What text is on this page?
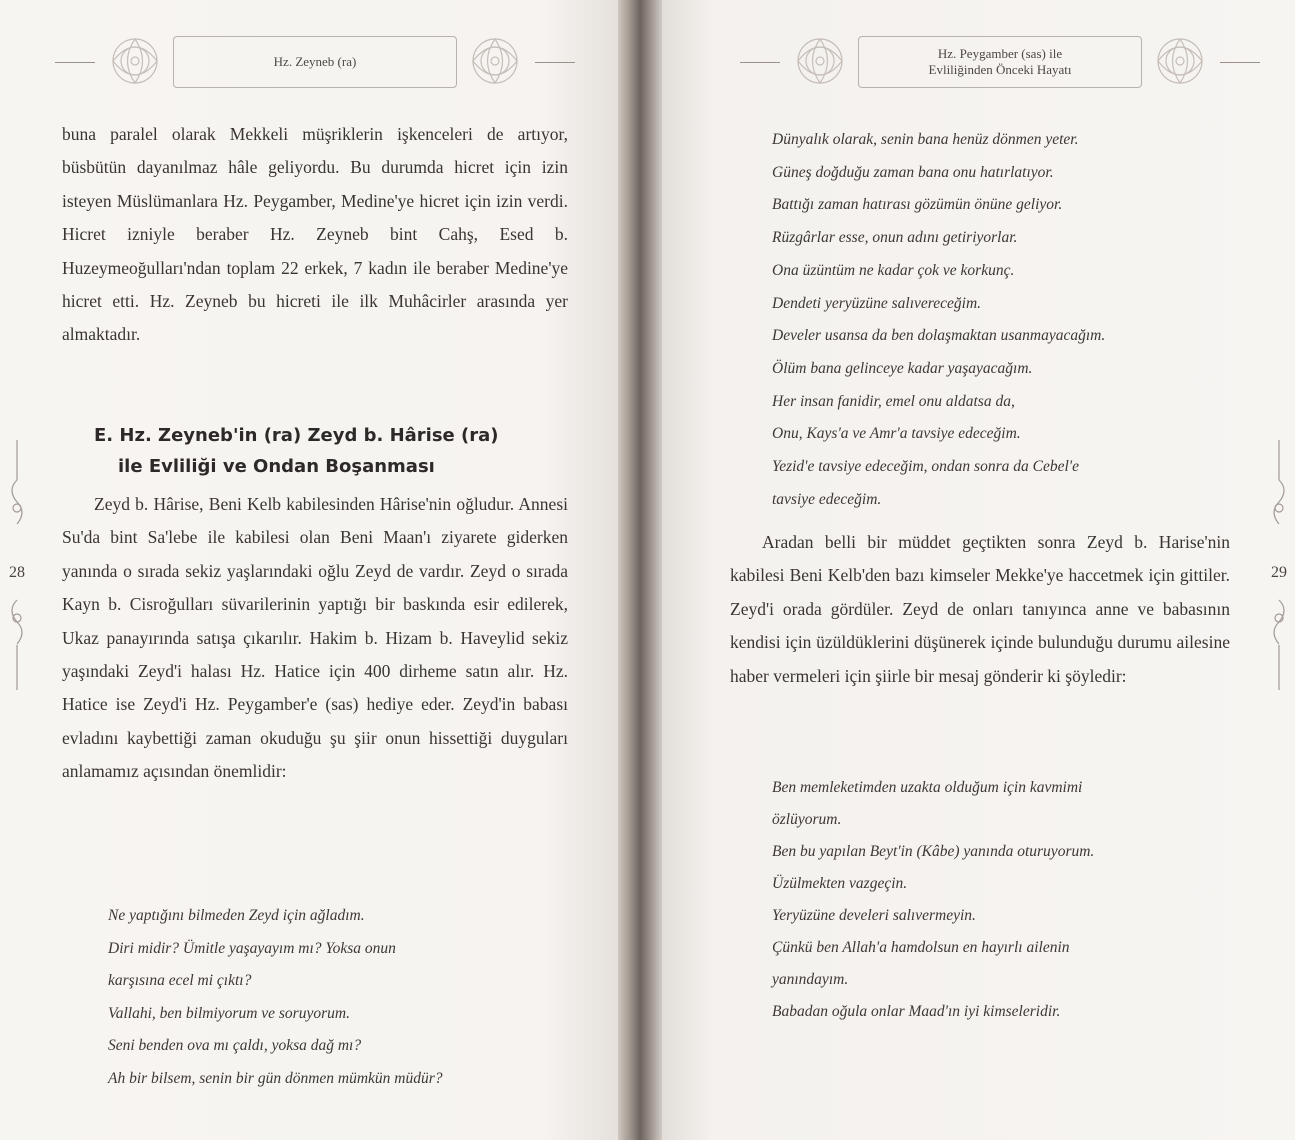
Hz. Zeyneb (ra)

buna paralel olarak Mekkeli müşriklerin işkenceleri de artıyor, büsbütün dayanılmaz hâle geliyordu. Bu durumda hicret için izin isteyen Müslümanlara Hz. Peygamber, Medine'ye hicret için izin verdi. Hicret izniyle beraber Hz. Zeyneb bint Cahş, Esed b. Huzeymeoğulları'ndan toplam 22 erkek, 7 kadın ile beraber Medine'ye hicret etti. Hz. Zeyneb bu hicreti ile ilk Muhâcirler arasında yer almaktadır.

E. Hz. Zeyneb'in (ra) Zeyd b. Hârise (ra)
ile Evliliği ve Ondan Boşanması

Zeyd b. Hârise, Beni Kelb kabilesinden Hârise'nin oğludur. Annesi Su'da bint Sa'lebe ile kabilesi olan Beni Maan'ı ziyarete giderken yanında o sırada sekiz yaşlarındaki oğlu Zeyd de vardır. Zeyd o sırada Kayn b. Cisroğulları süvarilerinin yaptığı bir baskında esir edilerek, Ukaz panayırında satışa çıkarılır. Hakim b. Hizam b. Haveylid sekiz yaşındaki Zeyd'i halası Hz. Hatice için 400 dirheme satın alır. Hz. Hatice ise Zeyd'i Hz. Peygamber'e (sas) hediye eder. Zeyd'in babası evladını kaybettiği zaman okuduğu şu şiir onun hissettiği duyguları anlamamız açısından önemlidir:

Ne yaptığını bilmeden Zeyd için ağladım.
Diri midir? Ümitle yaşayayım mı? Yoksa onun
karşısına ecel mi çıktı?
Vallahi, ben bilmiyorum ve soruyorum.
Seni benden ova mı çaldı, yoksa dağ mı?
Ah bir bilsem, senin bir gün dönmen mümkün müdür?
28
Hz. Peygamber (sas) ile
Evliliğinden Önceki Hayatı
Dünyalık olarak, senin bana henüz dönmen yeter.
Güneş doğduğu zaman bana onu hatırlatıyor.
Battığı zaman hatırası gözümün önüne geliyor.
Rüzgârlar esse, onun adını getiriyorlar.
Ona üzüntüm ne kadar çok ve korkunç.
Dendeti yeryüzüne salıvereceğim.
Develer usansa da ben dolaşmaktan usanmayacağım.
Ölüm bana gelinceye kadar yaşayacağım.
Her insan fanidir, emel onu aldatsa da,
Onu, Kays'a ve Amr'a tavsiye edeceğim.
Yezid'e tavsiye edeceğim, ondan sonra da Cebel'e
tavsiye edeceğim.

Aradan belli bir müddet geçtikten sonra Zeyd b. Harise'nin kabilesi Beni Kelb'den bazı kimseler Mekke'ye haccetmek için gittiler. Zeyd'i orada gördüler. Zeyd de onları tanıyınca anne ve babasının kendisi için üzüldüklerini düşünerek içinde bulunduğu durumu ailesine haber vermeleri için şiirle bir mesaj gönderir ki şöyledir:

Ben memleketimden uzakta olduğum için kavmimi
özlüyorum.
Ben bu yapılan Beyt'in (Kâbe) yanında oturuyorum.
Üzülmekten vazgeçin.
Yeryüzüne develeri salıvermeyin.
Çünkü ben Allah'a hamdolsun en hayırlı ailenin
yanındayım.
Babadan oğula onlar Maad'ın iyi kimseleridir.
29
